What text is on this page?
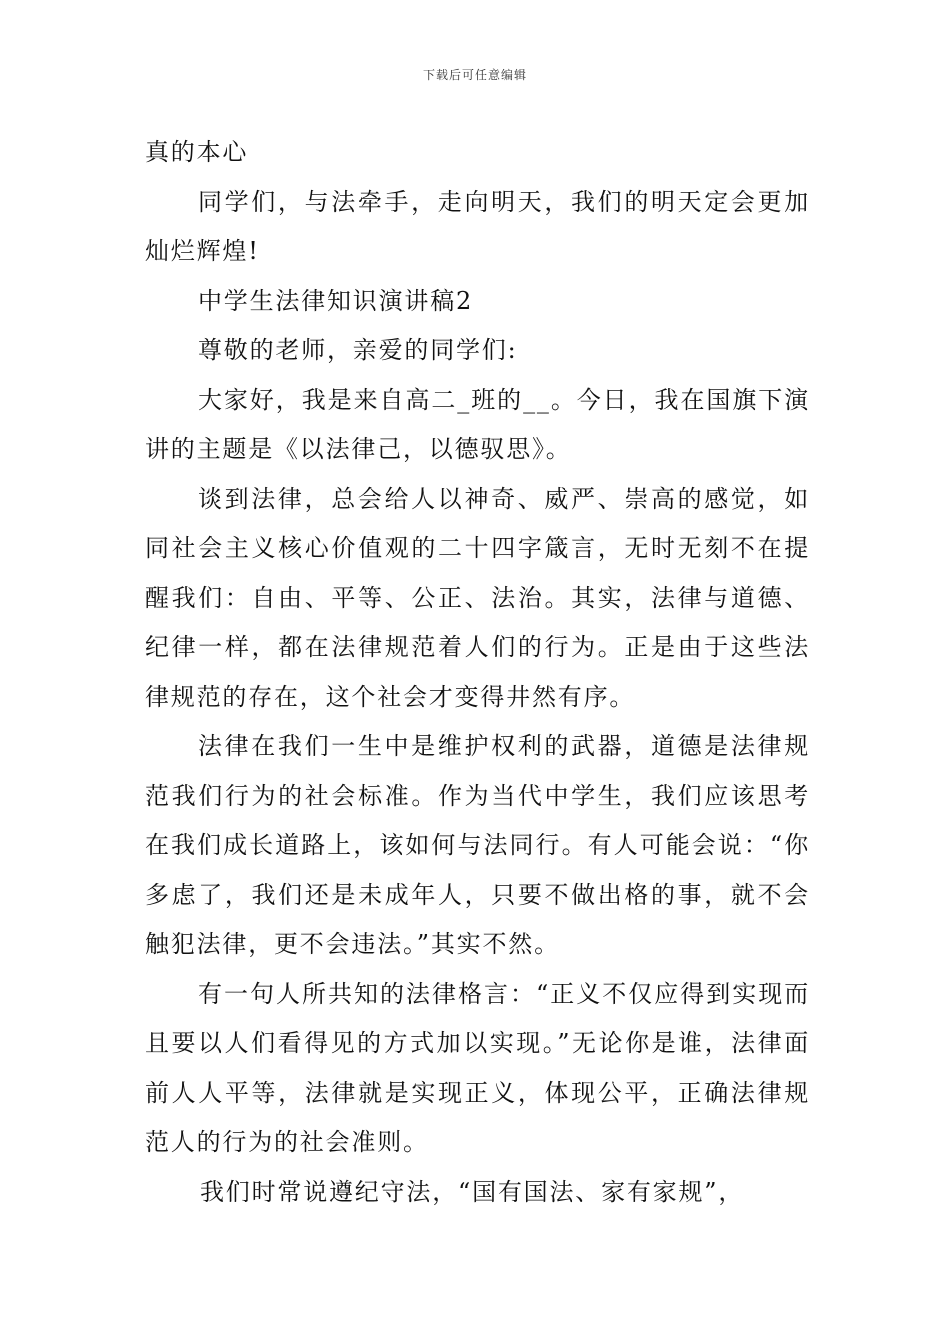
下载后可任意编辑

真的本心

同学们，与法牵手，走向明天，我们的明天定会更加灿烂辉煌!

中学生法律知识演讲稿2

尊敬的老师，亲爱的同学们:

大家好，我是来自高二_班的__。今日，我在国旗下演讲的主题是《以法律己，以德驭思》。

谈到法律，总会给人以神奇、威严、崇高的感觉，如同社会主义核心价值观的二十四字箴言，无时无刻不在提醒我们：自由、平等、公正、法治。其实，法律与道德、纪律一样，都在法律规范着人们的行为。正是由于这些法律规范的存在，这个社会才变得井然有序。

法律在我们一生中是维护权利的武器，道德是法律规范我们行为的社会标准。作为当代中学生，我们应该思考在我们成长道路上，该如何与法同行。有人可能会说：“你多虑了，我们还是未成年人，只要不做出格的事，就不会触犯法律，更不会违法。”其实不然。

有一句人所共知的法律格言：“正义不仅应得到实现而且要以人们看得见的方式加以实现。”无论你是谁，法律面前人人平等，法律就是实现正义，体现公平，正确法律规范人的行为的社会准则。

我们时常说遵纪守法，“国有国法、家有家规”，
